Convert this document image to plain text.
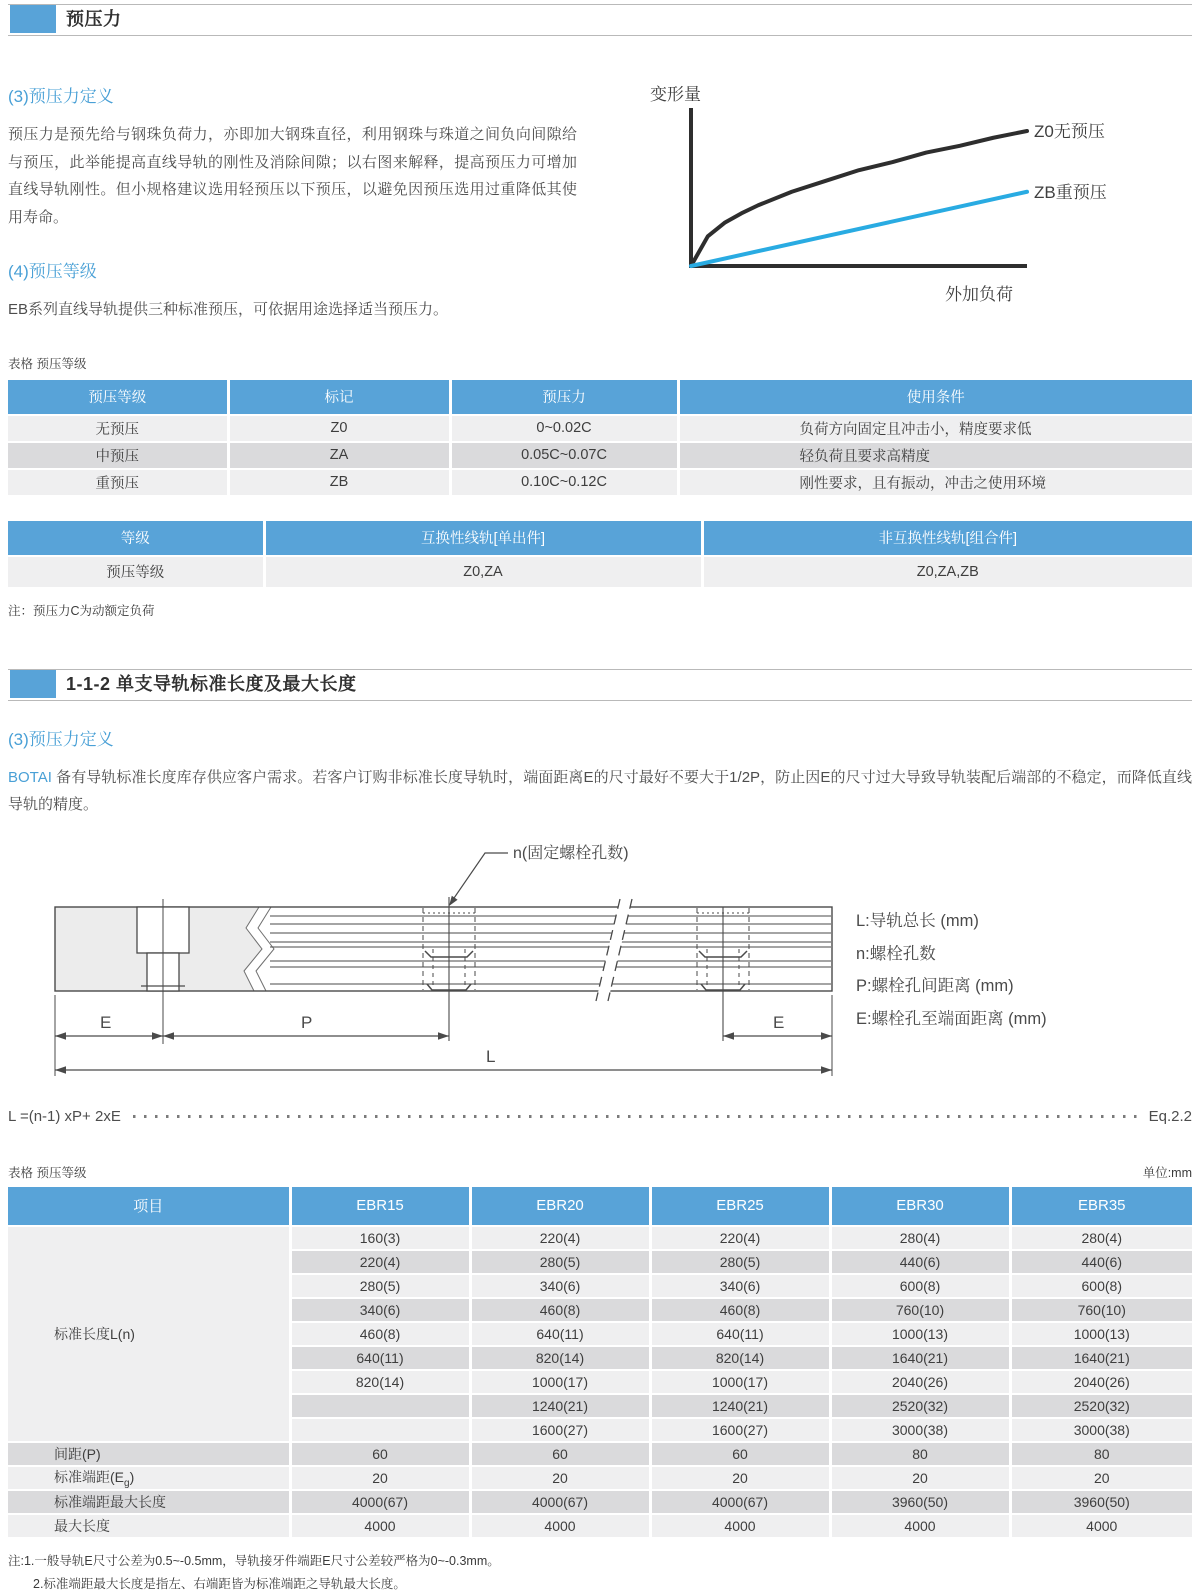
预压力
(3)预压力定义

预压力是预先给与钢珠负荷力，亦即加大钢珠直径，利用钢珠与珠道之间负向间隙给与预压，此举能提高直线导轨的刚性及消除间隙；以右图来解释，提高预压力可增加直线导轨刚性。但小规格建议选用轻预压以下预压，以避免因预压选用过重降低其使用寿命。

(4)预压等级

EB系列直线导轨提供三种标准预压，可依据用途选择适当预压力。

变形量
外加负荷
Z0无预压
ZB重预压
表格 预压等级
预压等级	标记	预压力	使用条件
无预压	Z0	0~0.02C	负荷方向固定且冲击小，精度要求低
中预压	ZA	0.05C~0.07C	轻负荷且要求高精度
重预压	ZB	0.10C~0.12C	刚性要求，且有振动，冲击之使用环境
等级	互换性线轨[单出件]	非互换性线轨[组合件]
预压等级	Z0,ZA	Z0,ZA,ZB
注：预压力C为动额定负荷
1-1-2 单支导轨标准长度及最大长度
(3)预压力定义

BOTAI 备有导轨标准长度库存供应客户需求。若客户订购非标准长度导轨时，端面距离E的尺寸最好不要大于1/2P，防止因E的尺寸过大导致导轨装配后端部的不稳定，而降低直线导轨的精度。

n(固定螺栓孔数)
E	P	E
L
L:导轨总长 (mm)
n:螺栓孔数
P:螺栓孔间距离 (mm)
E:螺栓孔至端面距离 (mm)
L =(n-1) xP+ 2xE	Eq.2.2
表格 预压等级	单位:mm
项目	EBR15	EBR20	EBR25	EBR30	EBR35
标准长度L(n)	160(3)	220(4)	220(4)	280(4)	280(4)
	220(4)	280(5)	280(5)	440(6)	440(6)
	280(5)	340(6)	340(6)	600(8)	600(8)
	340(6)	460(8)	460(8)	760(10)	760(10)
	460(8)	640(11)	640(11)	1000(13)	1000(13)
	640(11)	820(14)	820(14)	1640(21)	1640(21)
	820(14)	1000(17)	1000(17)	2040(26)	2040(26)
		1240(21)	1240(21)	2520(32)	2520(32)
		1600(27)	1600(27)	3000(38)	3000(38)
间距(P)	60	60	60	80	80
标准端距$(E_g)$	20	20	20	20	20
标准端距最大长度	4000(67)	4000(67)	4000(67)	3960(50)	3960(50)
最大长度	4000	4000	4000	4000	4000
注:1.一般导轨E尺寸公差为0.5~-0.5mm，导轨接牙件端距E尺寸公差较严格为0~-0.3mm。
2.标准端距最大长度是指左、右端距皆为标准端距之导轨最大长度。
